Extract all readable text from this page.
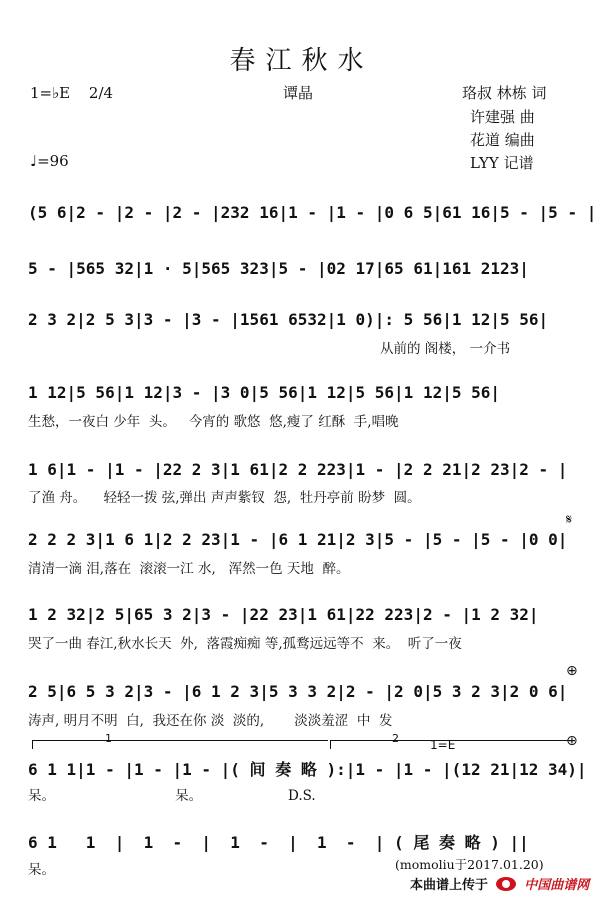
春江秋水
1=♭E 2/4	谭晶	珞叔 林栋 词
许建强 曲
花道 编曲
LYY 记谱
♩=96
(5 6|2 - |2 - |2 - |232 16|1 - |1 - |0 6 5|61 16|5 - |5 - |
5 - |565 32|1 · 5|565 323|5 - |02 17|65 61|161 2123|
2 3 2|2 5 3|3 - |3 - |1561 6532|1 0)|: 5 56|1 12|5 56|
从前的 阁楼， 一介书
1 12|5 56|1 12|3 - |3 0|5 56|1 12|5 56|1 12|5 56|
生愁，一夜白 少年  头。   今宵的 歌悠  悠,瘦了 红酥  手,唱晚
1 6|1 - |1 - |22 2 3|1 61|2 2 223|1 - |2 2 21|2 23|2 - |
了渔 舟。    轻轻一拨 弦,弹出 声声紫钗  怨,  牡丹亭前 盼梦  圆。
𝄋
2 2 2 3|1 6 1|2 2 23|1 - |6 1 21|2 3|5 - |5 - |5 - |0 0|
清清一滴 泪,落在  滚滚一江 水,   浑然一色 天地  醉。
1 2 32|2 5|65 3 2|3 - |22 23|1 61|22 223|2 - |1 2 32|
哭了一曲 春江,秋水长天  外,  落霞痴痴 等,孤鹜远远等不  来。  听了一夜
⊕
2 5|6 5 3 2|3 - |6 1 2 3|5 3 3 2|2 - |2 0|5 3 2 3|2 0 6|
涛声, 明月不明  白,  我还在你 淡  淡的,       淡淡羞涩  中  发
1	2	1=E	⊕
6 1 1|1 - |1 - |1 - |( 间 奏 略 ):|1 - |1 - |(12 21|12 34)|
呆。                            呆。                    D.S.
6 1   1  |  1  -  |  1  -  |  1  -  | ( 尾 奏 略 ) ||
呆。	(momoliu于2017.01.20)
本曲谱上传于	中国曲谱网
